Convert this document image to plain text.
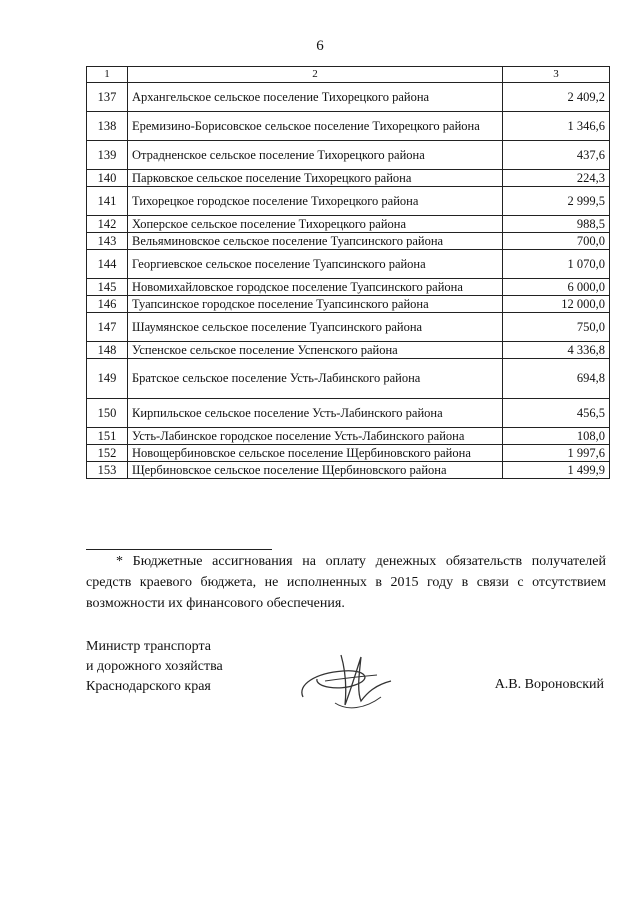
6
1	2	3
137	Архангельское сельское поселение Тихорецкого района	2 409,2
138	Еремизино-Борисовское сельское поселение Тихорецкого района	1 346,6
139	Отрадненское сельское поселение Тихорецкого района	437,6
140	Парковское сельское поселение Тихорецкого района	224,3
141	Тихорецкое городское поселение Тихорецкого района	2 999,5
142	Хоперское сельское поселение Тихорецкого района	988,5
143	Вельяминовское сельское поселение Туапсинского района	700,0
144	Георгиевское сельское поселение Туапсинского района	1 070,0
145	Новомихайловское городское поселение Туапсинского района	6 000,0
146	Туапсинское городское поселение Туапсинского района	12 000,0
147	Шаумянское сельское поселение Туапсинского района	750,0
148	Успенское сельское поселение Успенского района	4 336,8
149	Братское сельское поселение Усть-Лабинского района	694,8
150	Кирпильское сельское поселение Усть-Лабинского района	456,5
151	Усть-Лабинское городское поселение Усть-Лабинского района	108,0
152	Новощербиновское сельское поселение Щербиновского района	1 997,6
153	Щербиновское сельское поселение Щербиновского района	1 499,9
* Бюджетные ассигнования на оплату денежных обязательств получателей средств краевого бюджета, не исполненных в 2015 году в связи с отсутствием возможности их финансового обеспечения.
Министр транспорта
и дорожного хозяйства
Краснодарского края	А.В. Вороновский
